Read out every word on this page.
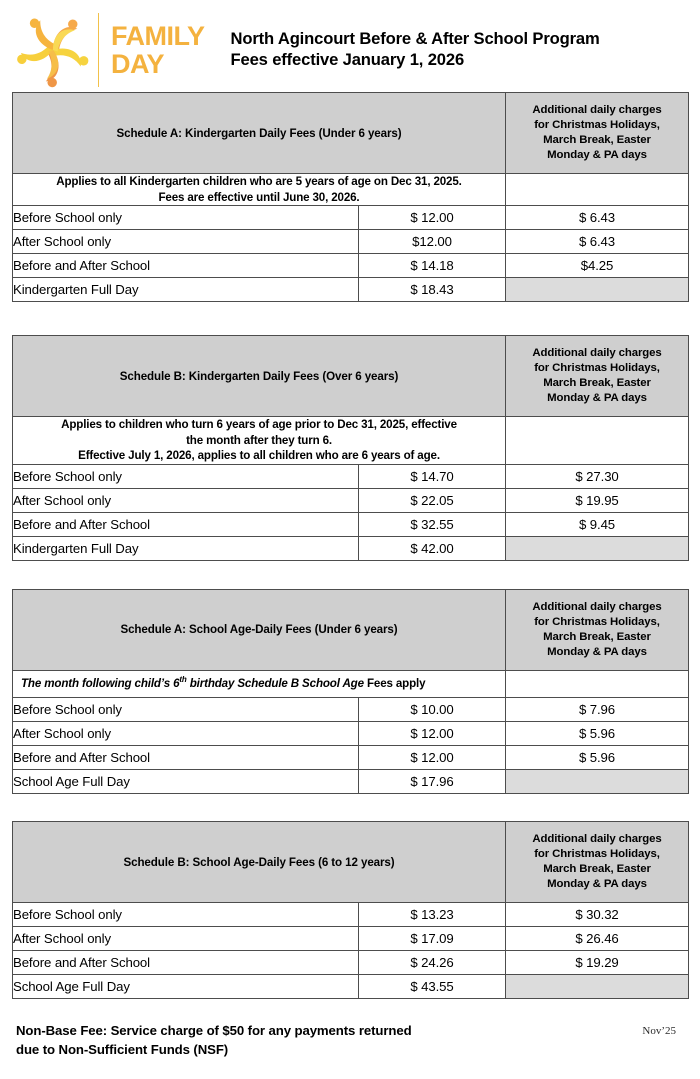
FAMILY
DAY
North Agincourt Before & After School Program
Fees effective January 1, 2026
Schedule A: Kindergarten Daily Fees (Under 6 years)		Additional daily charges
for Christmas Holidays,
March Break, Easter
Monday & PA days

Applies to all Kindergarten children who are 5 years of age on Dec 31, 2025.
Fees are effective until June 30, 2026.		

Before School only	$ 12.00	$ 6.43
After School only	$12.00	$ 6.43
Before and After School	$ 14.18	$4.25
Kindergarten Full Day	$ 18.43	
Schedule B: Kindergarten Daily Fees (Over 6 years)		Additional daily charges
for Christmas Holidays,
March Break, Easter
Monday & PA days

Applies to children who turn 6 years of age prior to Dec 31, 2025, effective
the month after they turn 6.
Effective July 1, 2026, applies to all children who are 6 years of age.		

Before School only	$ 14.70	$ 27.30
After School only	$ 22.05	$ 19.95
Before and After School	$ 32.55	$ 9.45
Kindergarten Full Day	$ 42.00	
Schedule A: School Age-Daily Fees (Under 6 years)		Additional daily charges
for Christmas Holidays,
March Break, Easter
Monday & PA days

The month following child’s 6th birthday Schedule B School Age Fees apply		
Before School only	$ 10.00	$ 7.96
After School only	$ 12.00	$ 5.96
Before and After School	$ 12.00	$ 5.96
School Age Full Day	$ 17.96	
Schedule B: School Age-Daily Fees (6 to 12 years)		Additional daily charges
for Christmas Holidays,
March Break, Easter
Monday & PA days

Before School only	$ 13.23	$ 30.32
After School only	$ 17.09	$ 26.46
Before and After School	$ 24.26	$ 19.29
School Age Full Day	$ 43.55	
Non-Base Fee: Service charge of $50 for any payments returned
due to Non-Sufficient Funds (NSF)
Nov’25
